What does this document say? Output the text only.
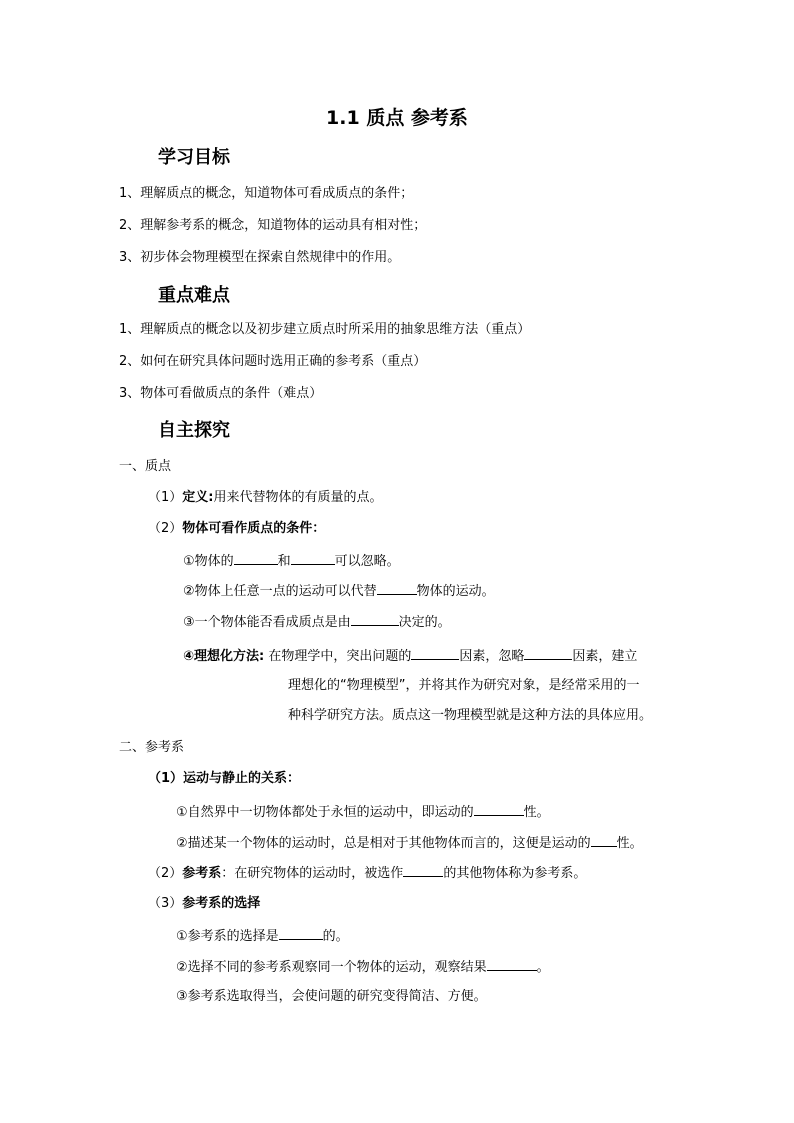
1.1 质点 参考系
学习目标
1、理解质点的概念，知道物体可看成质点的条件；
2、理解参考系的概念，知道物体的运动具有相对性；
3、初步体会物理模型在探索自然规律中的作用。
重点难点
1、理解质点的概念以及初步建立质点时所采用的抽象思维方法（重点）
2、如何在研究具体问题时选用正确的参考系（重点）
3、物体可看做质点的条件（难点）
自主探究
一、质点
（1）定义:用来代替物体的有质量的点。
（2）物体可看作质点的条件：
①物体的	和	可以忽略。
②物体上任意一点的运动可以代替	物体的运动。
③一个物体能否看成质点是由	决定的。
④理想化方法: 在物理学中，突出问题的	因素，忽略	因素，建立
理想化的“物理模型”，并将其作为研究对象，是经常采用的一
种科学研究方法。质点这一物理模型就是这种方法的具体应用。
二、参考系
（1）运动与静止的关系：
①自然界中一切物体都处于永恒的运动中，即运动的	性。
②描述某一个物体的运动时，总是相对于其他物体而言的，这便是运动的 性。
（2）参考系：在研究物体的运动时，被选作	的其他物体称为参考系。
（3）参考系的选择
①参考系的选择是	的。
②选择不同的参考系观察同一个物体的运动，观察结果	。
③参考系选取得当，会使问题的研究变得简洁、方便。
